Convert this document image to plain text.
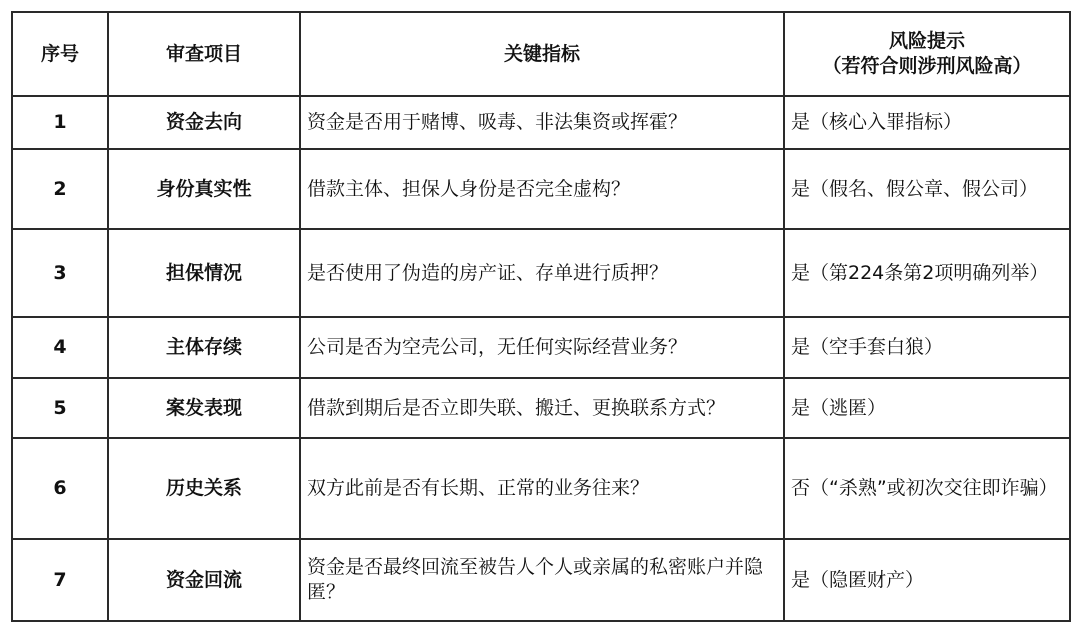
序号	审查项目	关键指标	风险提示
（若符合则涉刑风险高）

1	资金去向	资金是否用于赌博、吸毒、非法集资或挥霍？	是（核心入罪指标）
2	身份真实性	借款主体、担保人身份是否完全虚构？	是（假名、假公章、假公司）
3	担保情况	是否使用了伪造的房产证、存单进行质押？	是（第224条第2项明确列举）
4	主体存续	公司是否为空壳公司，无任何实际经营业务？	是（空手套白狼）
5	案发表现	借款到期后是否立即失联、搬迁、更换联系方式？	是（逃匿）
6	历史关系	双方此前是否有长期、正常的业务往来？	否（“杀熟”或初次交往即诈骗）
7	资金回流	资金是否最终回流至被告人个人或亲属的私密账户并隐匿？	是（隐匿财产）
